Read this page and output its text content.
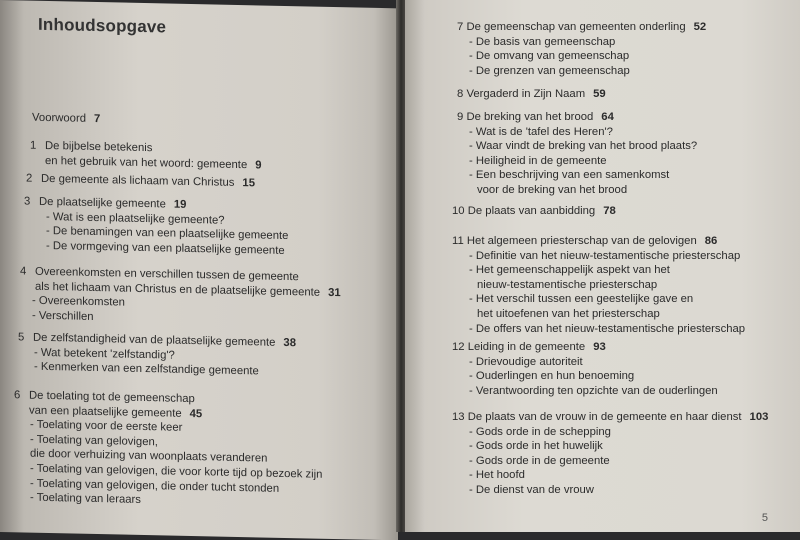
Inhoudsopgave
Voorwoord 7
1 De bijbelse betekenis
en het gebruik van het woord: gemeente 9
2 De gemeente als lichaam van Christus 15
3 De plaatselijke gemeente 19
- Wat is een plaatselijke gemeente?
- De benamingen van een plaatselijke gemeente
- De vormgeving van een plaatselijke gemeente
4 Overeenkomsten en verschillen tussen de gemeente
als het lichaam van Christus en de plaatselijke gemeente 31
- Overeenkomsten
- Verschillen
5 De zelfstandigheid van de plaatselijke gemeente 38
- Wat betekent 'zelfstandig'?
- Kenmerken van een zelfstandige gemeente
6 De toelating tot de gemeenschap
van een plaatselijke gemeente 45
- Toelating voor de eerste keer
- Toelating van gelovigen,
die door verhuizing van woonplaats veranderen
- Toelating van gelovigen, die voor korte tijd op bezoek zijn
- Toelating van gelovigen, die onder tucht stonden
- Toelating van leraars
7 De gemeenschap van gemeenten onderling 52
- De basis van gemeenschap
- De omvang van gemeenschap
- De grenzen van gemeenschap
8 Vergaderd in Zijn Naam 59
9 De breking van het brood 64
- Wat is de 'tafel des Heren'?
- Waar vindt de breking van het brood plaats?
- Heiligheid in de gemeente
- Een beschrijving van een samenkomst
voor de breking van het brood
10 De plaats van aanbidding 78
11 Het algemeen priesterschap van de gelovigen 86
- Definitie van het nieuw-testamentische priesterschap
- Het gemeenschappelijk aspekt van het
nieuw-testamentische priesterschap
- Het verschil tussen een geestelijke gave en
het uitoefenen van het priesterschap
- De offers van het nieuw-testamentische priesterschap
12 Leiding in de gemeente 93
- Drievoudige autoriteit
- Ouderlingen en hun benoeming
- Verantwoording ten opzichte van de ouderlingen
13 De plaats van de vrouw in de gemeente en haar dienst 103
- Gods orde in de schepping
- Gods orde in het huwelijk
- Gods orde in de gemeente
- Het hoofd
- De dienst van de vrouw
5
